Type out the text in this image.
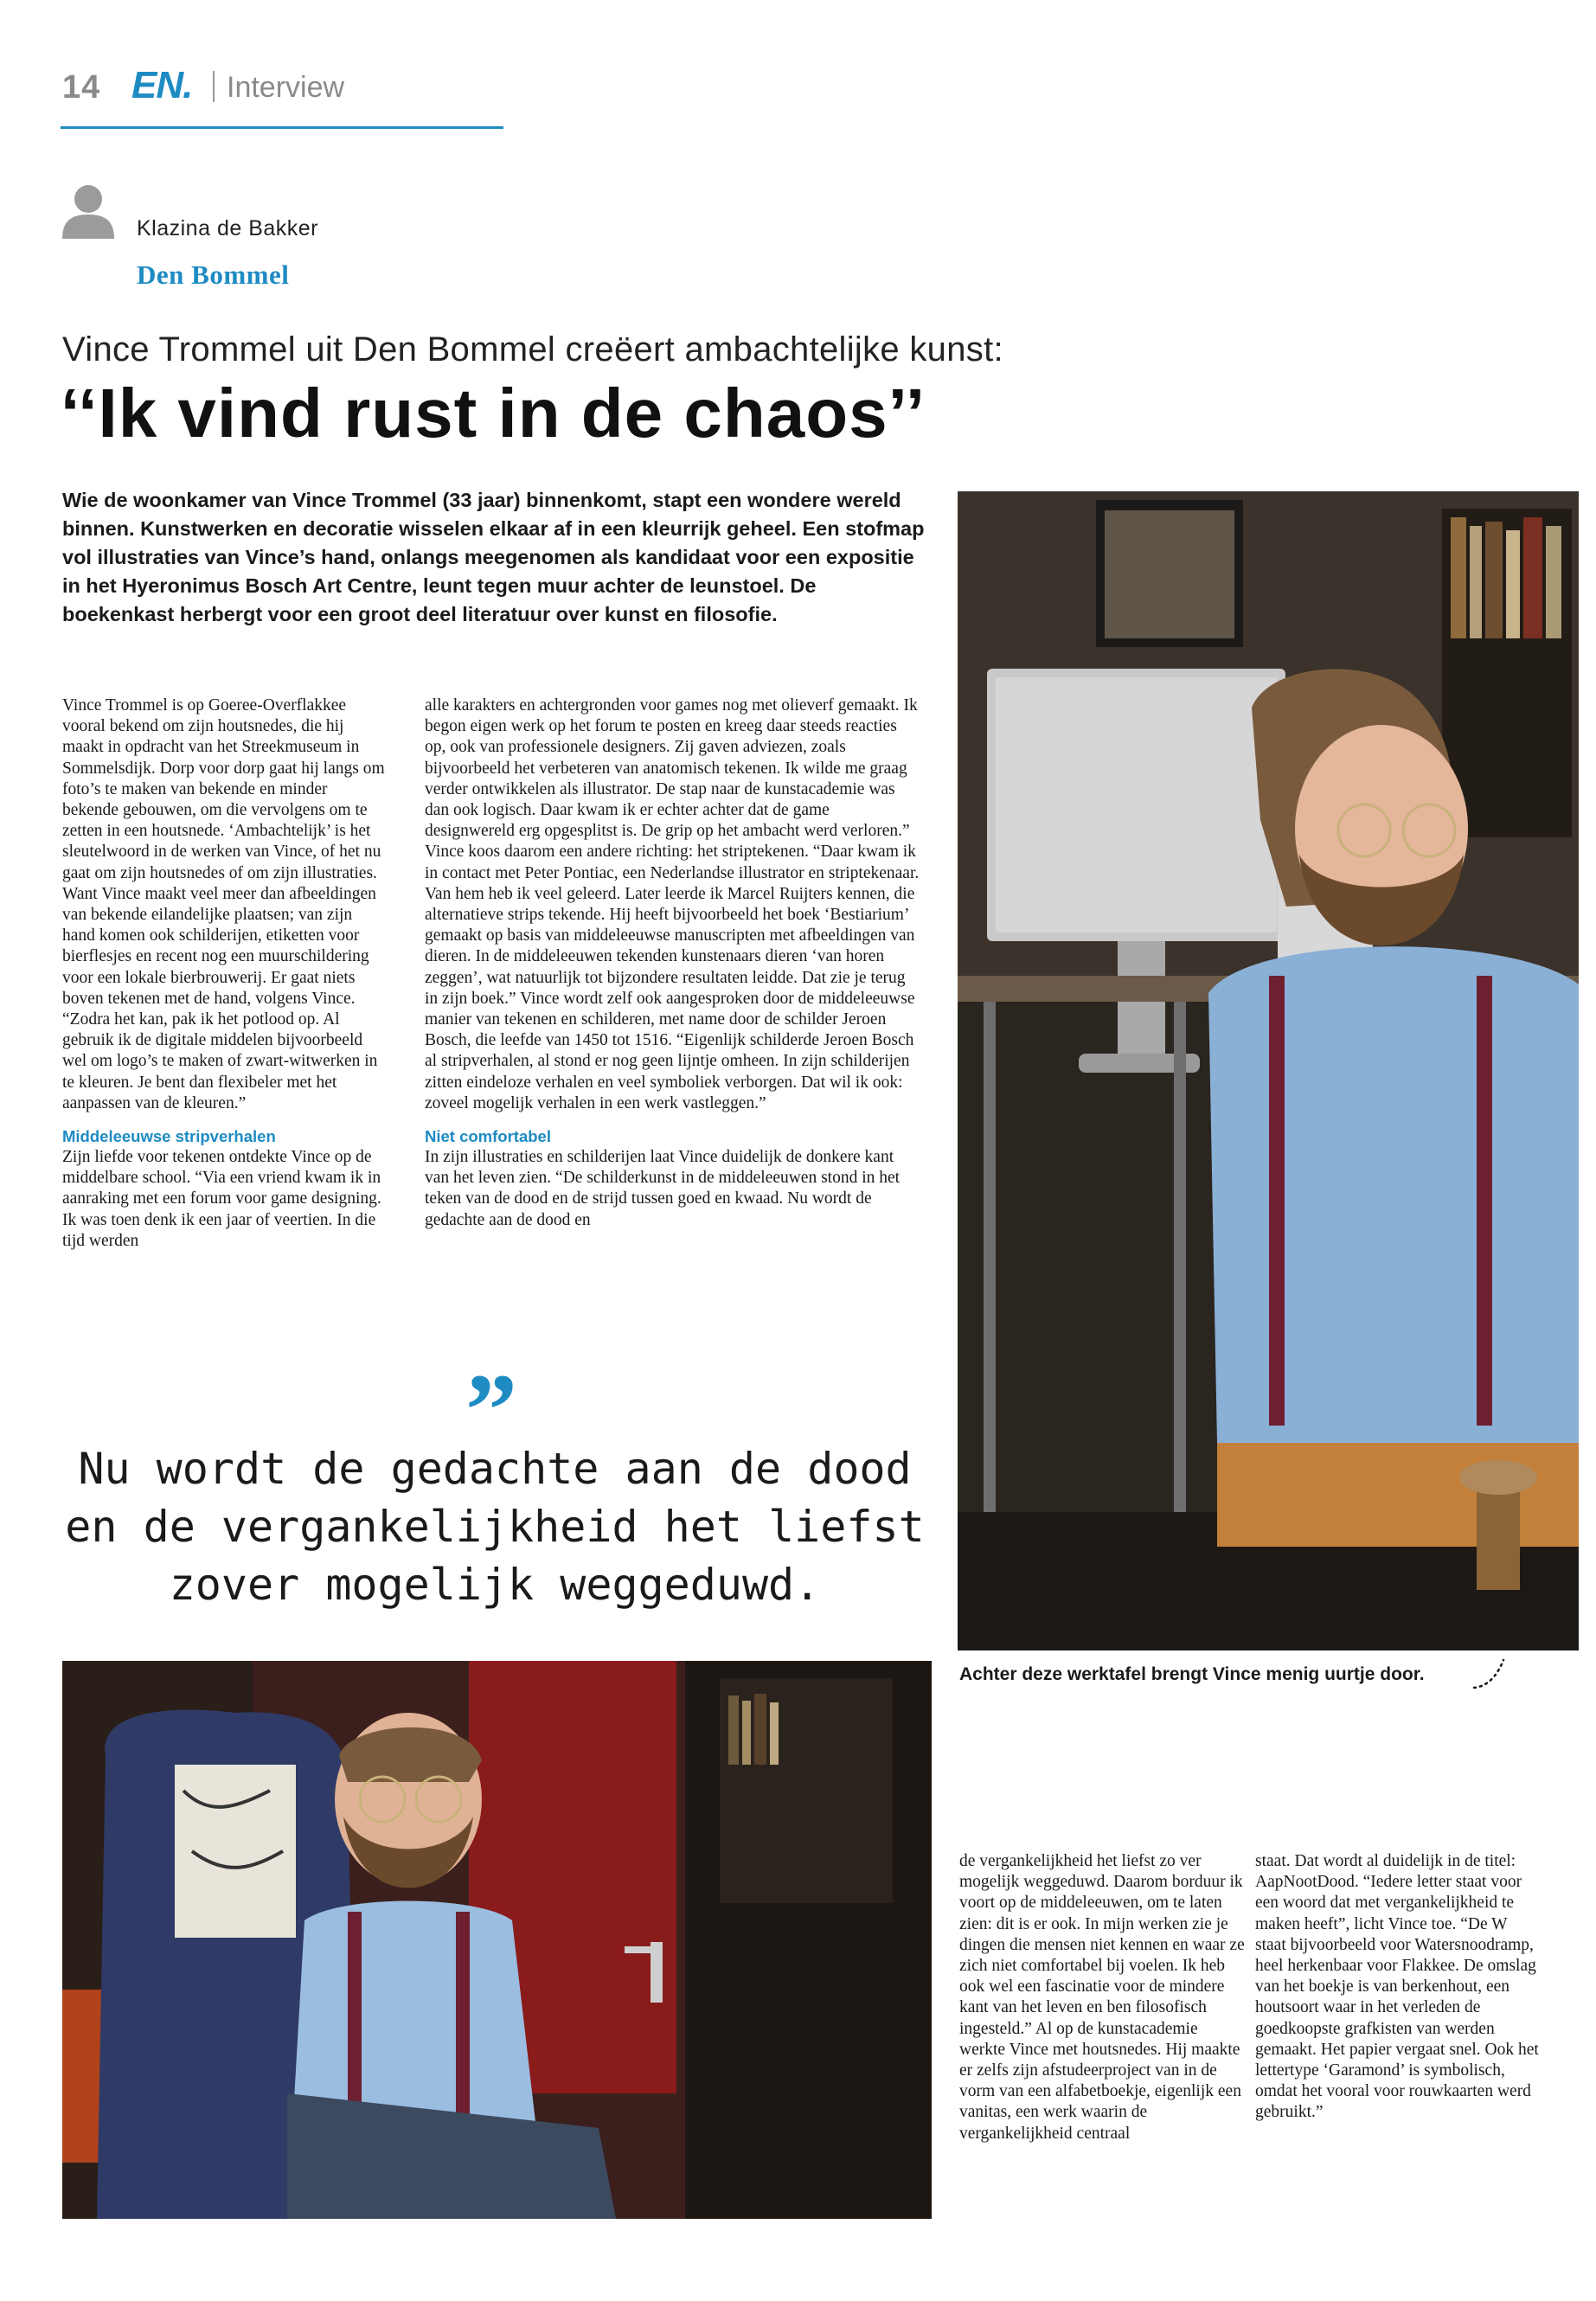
14 EN. Interview
Klazina de Bakker
Den Bommel
Vince Trommel uit Den Bommel creëert ambachtelijke kunst:
‘‘Ik vind rust in de chaos’’
Wie de woonkamer van Vince Trommel (33 jaar) binnenkomt, stapt een wondere wereld binnen. Kunstwerken en decoratie wisselen elkaar af in een kleurrijk geheel. Een stofmap vol illustraties van Vince’s hand, onlangs meegenomen als kandidaat voor een expositie in het Hyeronimus Bosch Art Centre, leunt tegen muur achter de leunstoel. De boekenkast herbergt voor een groot deel literatuur over kunst en filosofie.

Vince Trommel is op Goeree-Overflakkee vooral bekend om zijn houtsnedes, die hij maakt in opdracht van het Streekmuseum in Sommelsdijk. Dorp voor dorp gaat hij langs om foto’s te maken van bekende en minder bekende gebouwen, om die vervolgens om te zetten in een houtsnede. ‘Ambachtelijk’ is het sleutelwoord in de werken van Vince, of het nu gaat om zijn houtsnedes of om zijn illustraties. Want Vince maakt veel meer dan afbeeldingen van bekende eilandelijke plaatsen; van zijn hand komen ook schilderijen, etiketten voor bierflesjes en recent nog een muurschildering voor een lokale bierbrouwerij. Er gaat niets boven tekenen met de hand, volgens Vince. “Zodra het kan, pak ik het potlood op. Al gebruik ik de digitale middelen bijvoorbeeld wel om logo’s te maken of zwart-witwerken in te kleuren. Je bent dan flexibeler met het aanpassen van de kleuren.”

Middeleeuwse stripverhalen

Zijn liefde voor tekenen ontdekte Vince op de middelbare school. “Via een vriend kwam ik in aanraking met een forum voor game designing. Ik was toen denk ik een jaar of veertien. In die tijd werden

alle karakters en achtergronden voor games nog met olieverf gemaakt. Ik begon eigen werk op het forum te posten en kreeg daar steeds reacties op, ook van professionele designers. Zij gaven adviezen, zoals bijvoorbeeld het verbeteren van anatomisch tekenen. Ik wilde me graag verder ontwikkelen als illustrator. De stap naar de kunstacademie was dan ook logisch. Daar kwam ik er echter achter dat de game designwereld erg opgesplitst is. De grip op het ambacht werd verloren.” Vince koos daarom een andere richting: het striptekenen. “Daar kwam ik in contact met Peter Pontiac, een Nederlandse illustrator en striptekenaar. Van hem heb ik veel geleerd. Later leerde ik Marcel Ruijters kennen, die alternatieve strips tekende. Hij heeft bijvoorbeeld het boek ‘Bestiarium’ gemaakt op basis van middeleeuwse manuscripten met afbeeldingen van dieren. In de middeleeuwen tekenden kunstenaars dieren ‘van horen zeggen’, wat natuurlijk tot bijzondere resultaten leidde. Dat zie je terug in zijn boek.” Vince wordt zelf ook aangesproken door de middeleeuwse manier van tekenen en schilderen, met name door de schilder Jeroen Bosch, die leefde van 1450 tot 1516. “Eigenlijk schilderde Jeroen Bosch al stripverhalen, al stond er nog geen lijntje omheen. In zijn schilderijen zitten eindeloze verhalen en veel symboliek verborgen. Dat wil ik ook: zoveel mogelijk verhalen in een werk vastleggen.”

Niet comfortabel

In zijn illustraties en schilderijen laat Vince duidelijk de donkere kant van het leven zien. “De schilderkunst in de middeleeuwen stond in het teken van de dood en de strijd tussen goed en kwaad. Nu wordt de gedachte aan de dood en

”
Nu wordt de gedachte aan de dood en de vergankelijkheid het liefst zover mogelijk weggeduwd.
Achter deze werktafel brengt Vince menig uurtje door.

de vergankelijkheid het liefst zo ver mogelijk weggeduwd. Daarom borduur ik voort op de middeleeuwen, om te laten zien: dit is er ook. In mijn werken zie je dingen die mensen niet kennen en waar ze zich niet comfortabel bij voelen. Ik heb ook wel een fascinatie voor de mindere kant van het leven en ben filosofisch ingesteld.” Al op de kunstacademie werkte Vince met houtsnedes. Hij maakte er zelfs zijn afstudeerproject van in de vorm van een alfabetboekje, eigenlijk een vanitas, een werk waarin de vergankelijkheid centraal

staat. Dat wordt al duidelijk in de titel: AapNootDood. “Iedere letter staat voor een woord dat met vergankelijkheid te maken heeft”, licht Vince toe. “De W staat bijvoorbeeld voor Watersnoodramp, heel herkenbaar voor Flakkee. De omslag van het boekje is van berkenhout, een houtsoort waar in het verleden de goedkoopste grafkisten van werden gemaakt. Het papier vergaat snel. Ook het lettertype ‘Garamond’ is symbolisch, omdat het vooral voor rouwkaarten werd gebruikt.”
